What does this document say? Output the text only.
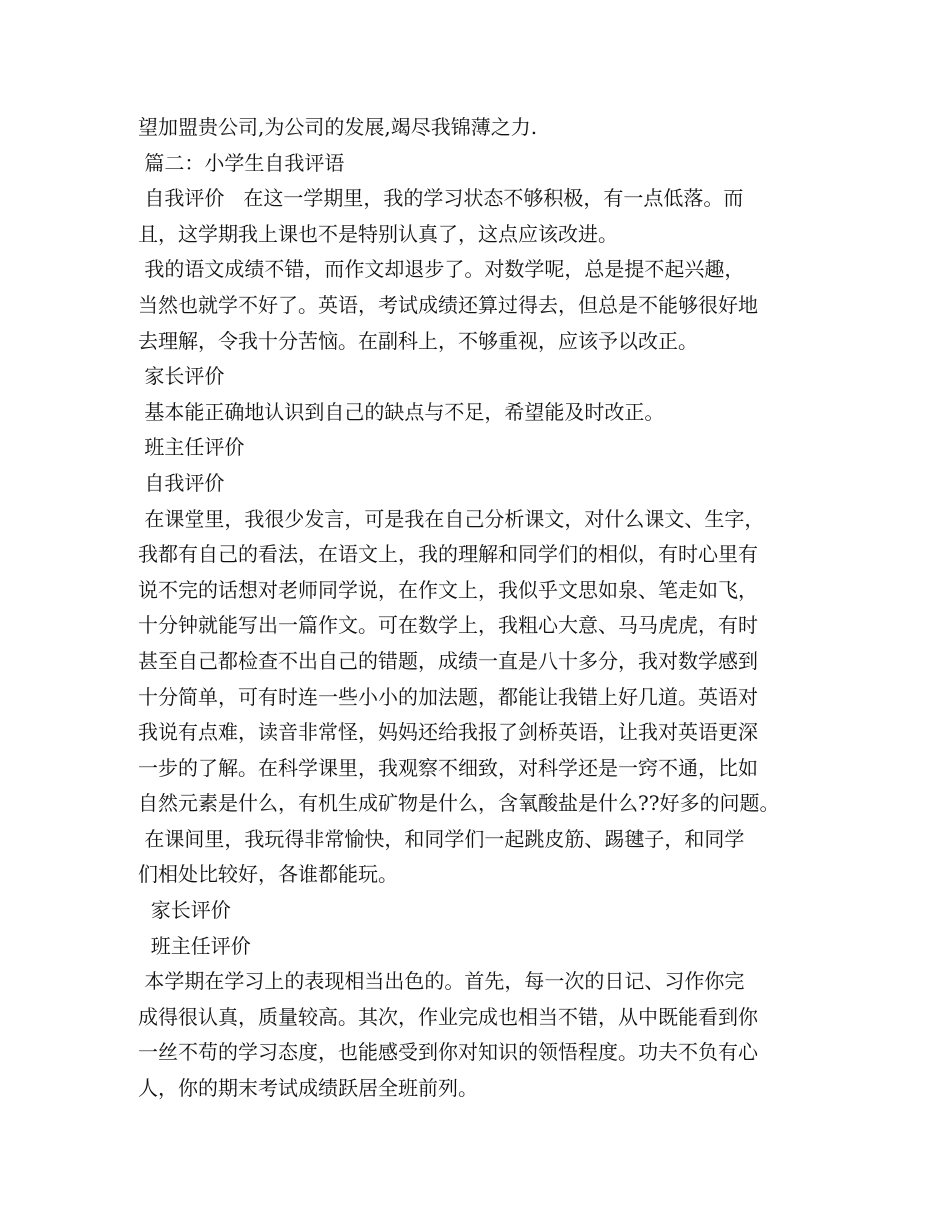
望加盟贵公司,为公司的发展,竭尽我锦薄之力.
篇二：小学生自我评语
自我评价   在这一学期里，我的学习状态不够积极，有一点低落。而
且，这学期我上课也不是特别认真了，这点应该改进。
我的语文成绩不错，而作文却退步了。对数学呢，总是提不起兴趣，
当然也就学不好了。英语，考试成绩还算过得去，但总是不能够很好地
去理解，令我十分苦恼。在副科上，不够重视，应该予以改正。
家长评价
基本能正确地认识到自己的缺点与不足，希望能及时改正。
班主任评价
自我评价
在课堂里，我很少发言，可是我在自己分析课文，对什么课文、生字，
我都有自己的看法，在语文上，我的理解和同学们的相似，有时心里有
说不完的话想对老师同学说，在作文上，我似乎文思如泉、笔走如飞，
十分钟就能写出一篇作文。可在数学上，我粗心大意、马马虎虎，有时
甚至自己都检查不出自己的错题，成绩一直是八十多分，我对数学感到
十分简单，可有时连一些小小的加法题，都能让我错上好几道。英语对
我说有点难，读音非常怪，妈妈还给我报了剑桥英语，让我对英语更深
一步的了解。在科学课里，我观察不细致，对科学还是一窍不通，比如
自然元素是什么，有机生成矿物是什么，含氧酸盐是什么??好多的问题。
在课间里，我玩得非常愉快，和同学们一起跳皮筋、踢毽子，和同学
们相处比较好，各谁都能玩。
家长评价
班主任评价
本学期在学习上的表现相当出色的。首先，每一次的日记、习作你完
成得很认真，质量较高。其次，作业完成也相当不错，从中既能看到你
一丝不苟的学习态度，也能感受到你对知识的领悟程度。功夫不负有心
人，你的期末考试成绩跃居全班前列。
